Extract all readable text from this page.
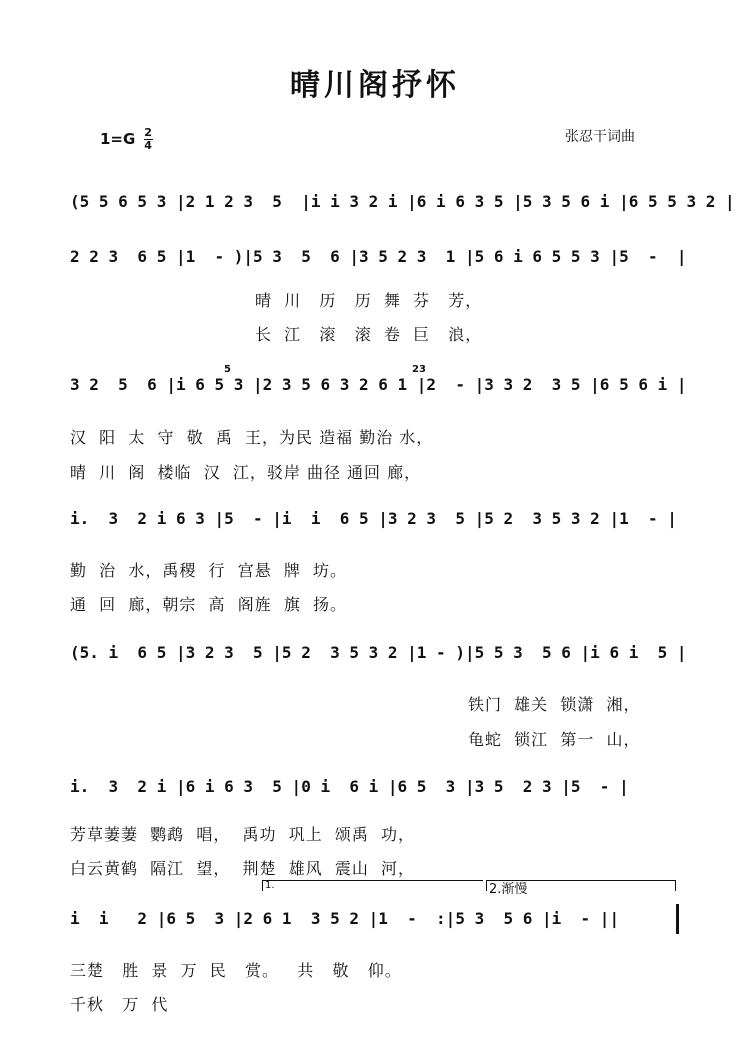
晴川阁抒怀
$1=G \frac{2}{4}$	张忍干词曲
(5 5 6 5 3 |2 1 2 3  5  |i i 3 2 i |6 i 6 3 5 |5 3 5 6 i |6 5 5 3 2 |
2 2 3  6 5 |1  - )|5 3  5  6 |3 5 2 3  1 |5 6 i 6 5 5 3 |5  -  |
晴  川   历   历  舞  芬   芳，
长  江   滚   滚  卷  巨   浪，
3 2  5  6 |i 6 5 3 |2 3 5 6 3 2 6 1 |2  - |3 3 2  3 5 |6 5 6 i |
汉  阳  太  守  敬  禹  王，为民 造福 勤治 水，
晴  川  阁  楼临  汉  江，驳岸 曲径 通回 廊，
i.  3  2 i 6 3 |5  - |i  i  6 5 |3 2 3  5 |5 2  3 5 3 2 |1  - |
勤  治  水，禹稷  行  宫悬  牌  坊。
通  回  廊，朝宗  高  阁旌  旗  扬。
(5. i  6 5 |3 2 3  5 |5 2  3 5 3 2 |1 - )|5 5 3  5 6 |i 6 i  5 |
铁门  雄关  锁潇  湘，
龟蛇  锁江  第一  山，
i.  3  2 i |6 i 6 3  5 |0 i  6 i |6 5  3 |3 5  2 3 |5  - |
芳草萋萋  鹦鹉  唱，  禹功  巩上  颂禹  功，
白云黄鹤  隔江  望，  荆楚  雄风  震山  河，
1.	2.渐慢
i  i   2 |6 5  3 |2 6 1  3 5 2 |1  -  :|5 3  5 6 |i  - ||
三楚   胜  景  万  民   赏。   共   敬   仰。
千秋   万  代
5	23
